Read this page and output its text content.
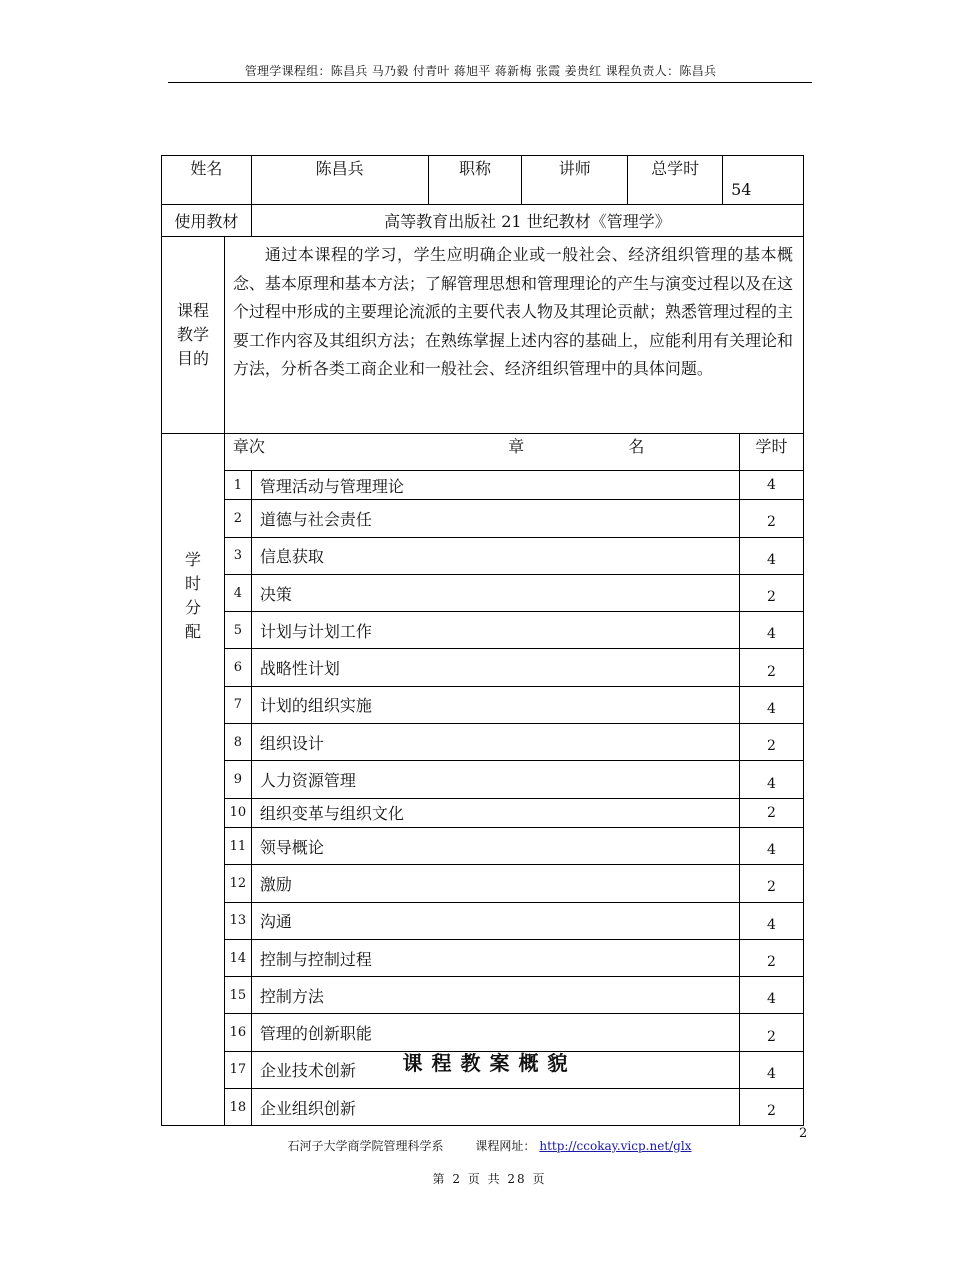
管理学课程组：陈昌兵 马乃毅 付青叶 蒋旭平 蒋新梅 张霞 姜贵红 课程负责人：陈昌兵
姓名		陈昌兵	职称	讲师	总学时	54	
使用教材		高等教育出版社 21 世纪教材《管理学》					
课程
教学
目的	通过本课程的学习，学生应明确企业或一般社会、经济组织管理的基本概念、基本原理和基本方法；了解管理思想和管理理论的产生与演变过程以及在这个过程中形成的主要理论流派的主要代表人物及其理论贡献；熟悉管理过程的主要工作内容及其组织方法；在熟练掌握上述内容的基础上，应能利用有关理论和方法，分析各类工商企业和一般社会、经济组织管理中的具体问题。						
学
时
分
配	章次		章 名				学时
	1	管理活动与管理理论					4
	2	道德与社会责任					2
	3	信息获取					4
	4	决策					2
	5	计划与计划工作					4
	6	战略性计划					2
	7	计划的组织实施					4
	8	组织设计					2
	9	人力资源管理					4
	10	组织变革与组织文化					2
	11	领导概论					4
	12	激励					2
	13	沟通					4
	14	控制与控制过程					2
	15	控制方法					4
	16	管理的创新职能					2
	17	企业技术创新					4
	18	企业组织创新					2
课程教案概貌
石河子大学商学院管理科学系	课程网址： http://ccokay.vicp.net/glx
2
第 2 页 共 28 页
